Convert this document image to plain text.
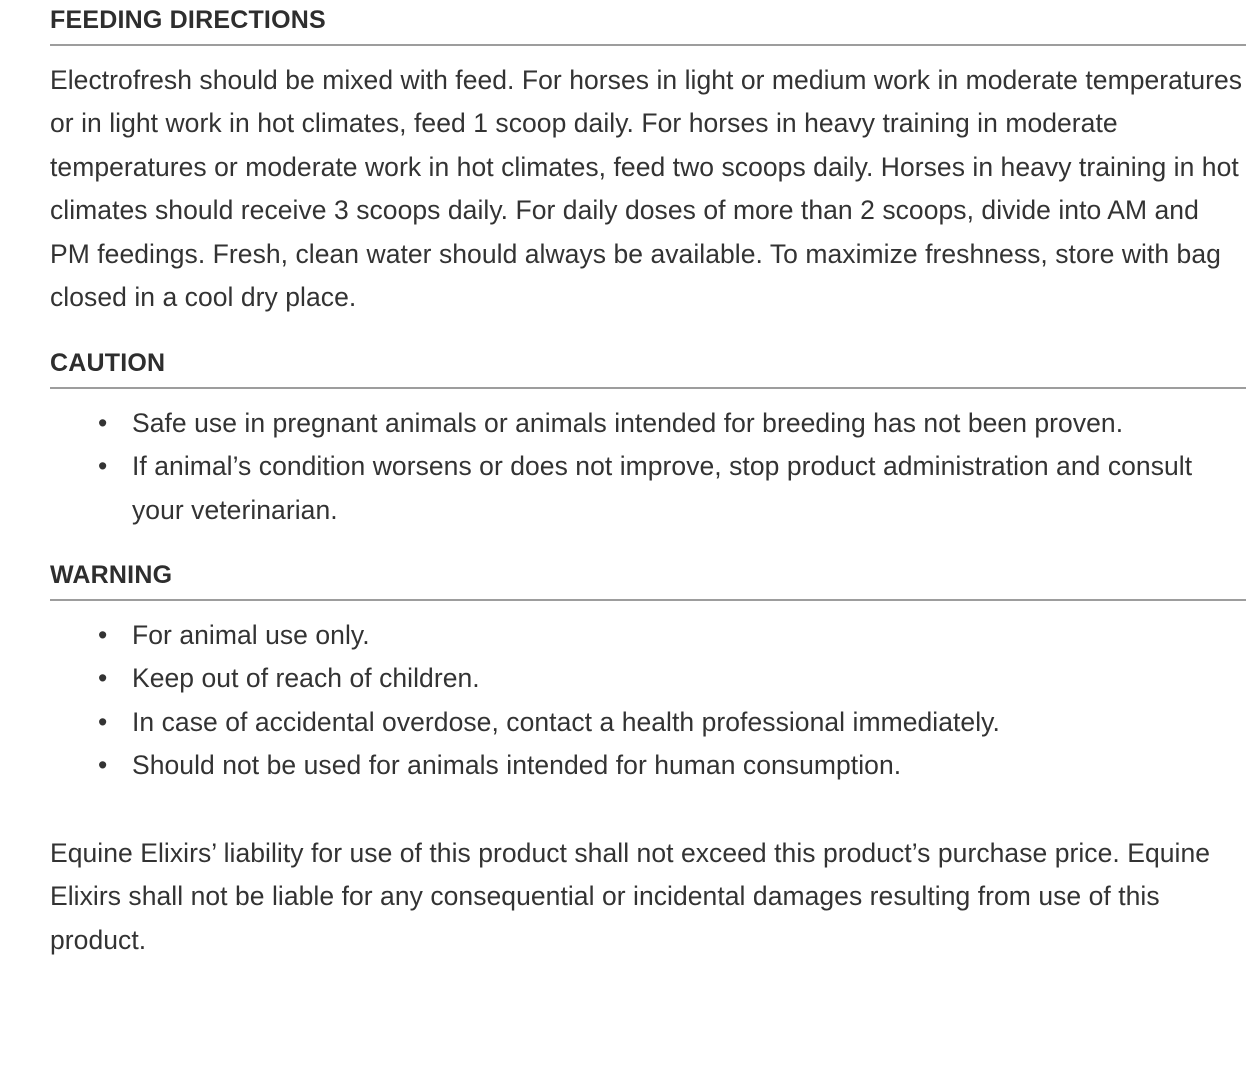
FEEDING DIRECTIONS

Electrofresh should be mixed with feed. For horses in light or medium work in moderate temperatures or in light work in hot climates, feed 1 scoop daily. For horses in heavy training in moderate temperatures or moderate work in hot climates, feed two scoops daily. Horses in heavy training in hot climates should receive 3 scoops daily. For daily doses of more than 2 scoops, divide into AM and PM feedings. Fresh, clean water should always be available. To maximize freshness, store with bag closed in a cool dry place.

CAUTION
• Safe use in pregnant animals or animals intended for breeding has not been proven.
• If animal’s condition worsens or does not improve, stop product administration and consult your veterinarian.
WARNING
• For animal use only.
• Keep out of reach of children.
• In case of accidental overdose, contact a health professional immediately.
• Should not be used for animals intended for human consumption.

Equine Elixirs’ liability for use of this product shall not exceed this product’s purchase price. Equine Elixirs shall not be liable for any consequential or incidental damages resulting from use of this product.
